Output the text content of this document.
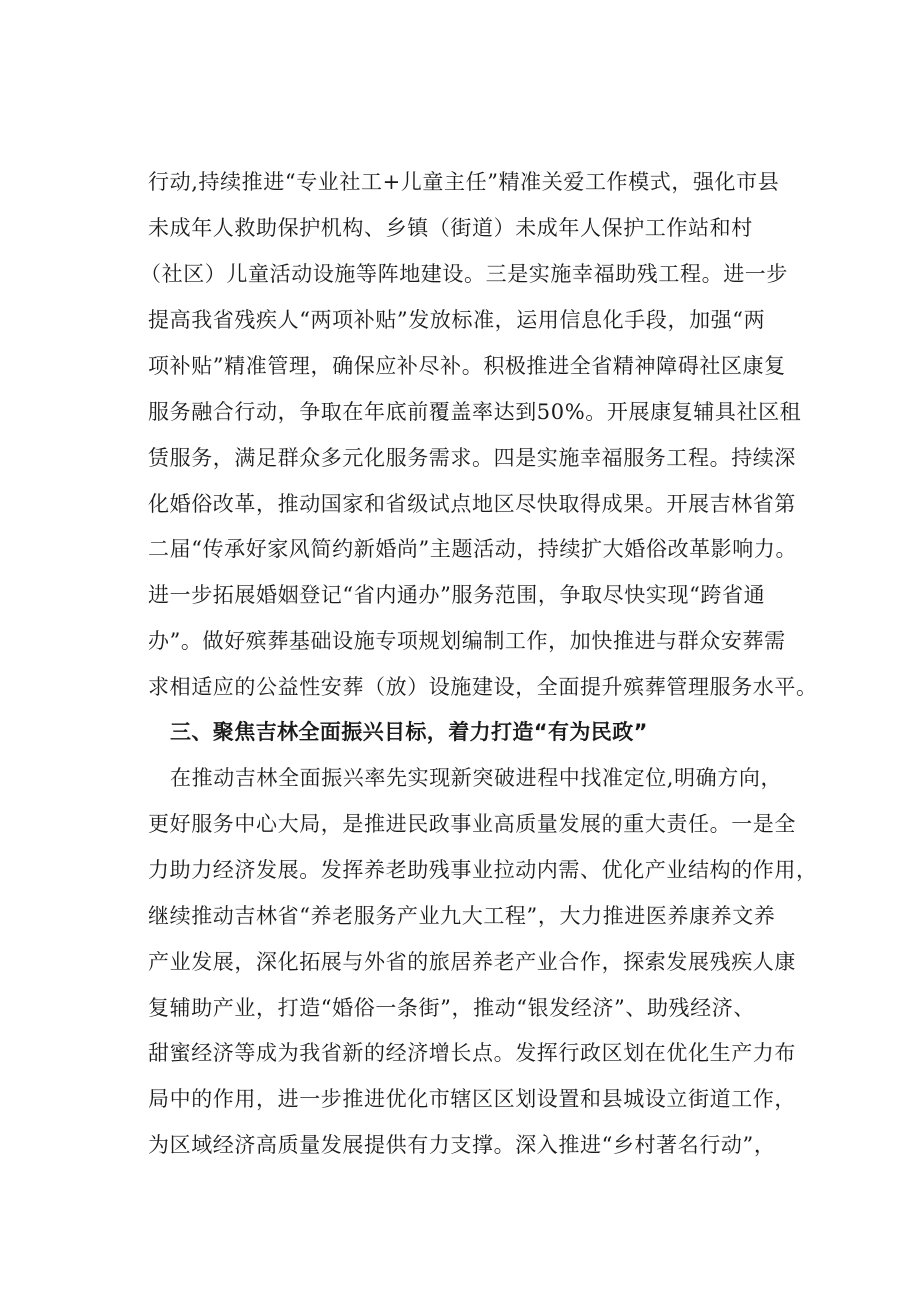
行动,持续推进“专业社工+儿童主任”精准关爱工作模式，强化市县
未成年人救助保护机构、乡镇（街道）未成年人保护工作站和村
（社区）儿童活动设施等阵地建设。三是实施幸福助残工程。进一步
提高我省残疾人“两项补贴”发放标准，运用信息化手段，加强“两
项补贴”精准管理，确保应补尽补。积极推进全省精神障碍社区康复
服务融合行动，争取在年底前覆盖率达到50%。开展康复辅具社区租
赁服务，满足群众多元化服务需求。四是实施幸福服务工程。持续深
化婚俗改革，推动国家和省级试点地区尽快取得成果。开展吉林省第
二届“传承好家风简约新婚尚”主题活动，持续扩大婚俗改革影响力。
进一步拓展婚姻登记“省内通办”服务范围，争取尽快实现“跨省通
办”。做好殡葬基础设施专项规划编制工作，加快推进与群众安葬需
求相适应的公益性安葬（放）设施建设，全面提升殡葬管理服务水平。
三、聚焦吉林全面振兴目标，着力打造“有为民政”
在推动吉林全面振兴率先实现新突破进程中找准定位,明确方向，
更好服务中心大局，是推进民政事业高质量发展的重大责任。一是全
力助力经济发展。发挥养老助残事业拉动内需、优化产业结构的作用，
继续推动吉林省“养老服务产业九大工程”，大力推进医养康养文养
产业发展，深化拓展与外省的旅居养老产业合作，探索发展残疾人康
复辅助产业，打造“婚俗一条街”，推动“银发经济”、助残经济、
甜蜜经济等成为我省新的经济增长点。发挥行政区划在优化生产力布
局中的作用，进一步推进优化市辖区区划设置和县城设立街道工作，
为区域经济高质量发展提供有力支撑。深入推进“乡村著名行动”，
